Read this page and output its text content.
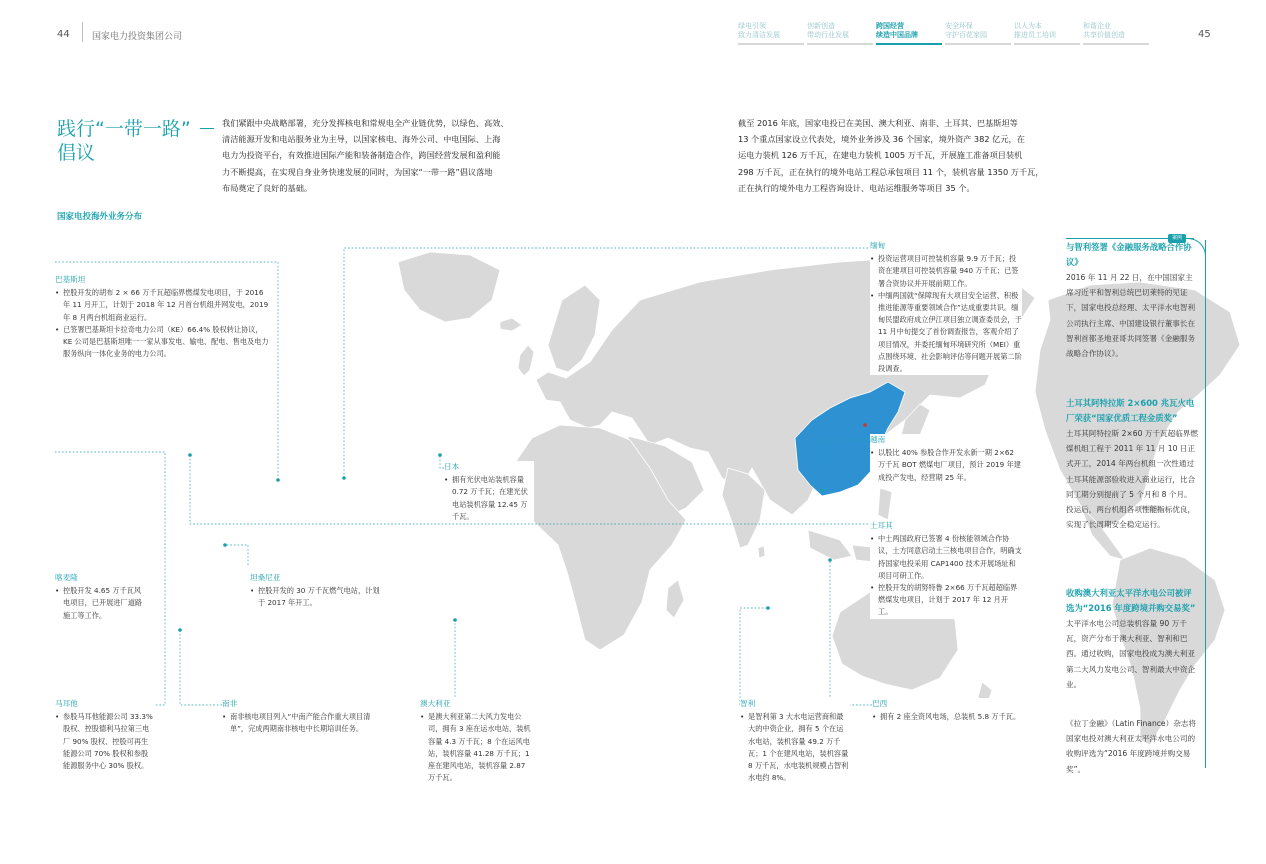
44 国家电力投资集团公司	45
绿电引领
致力清洁发展
创新创造
带动行业发展
跨国经营
续造中国品牌
安全环保
守护百花家园
以人为本
推进员工培训
和谐企业
共享价值创造
践行“一带一路”
倡议
我们紧跟中央战略部署，充分发挥核电和常规电全产业链优势，以绿色、高效、
清洁能源开发和电站服务业为主导，以国家核电、海外公司、中电国际、上海
电力为投资平台，有效推进国际产能和装备制造合作，跨国经营发展和盈利能
力不断提高，在实现自身业务快速发展的同时，为国家“一带一路”倡议落地
布局奠定了良好的基础。
截至 2016 年底，国家电投已在美国、澳大利亚、南非、土耳其、巴基斯坦等
13 个重点国家设立代表处，境外业务涉及 36 个国家，境外资产 382 亿元，在
运电力装机 126 万千瓦，在建电力装机 1005 万千瓦，开展施工准备项目装机
298 万千瓦，正在执行的境外电站工程总承包项目 11 个，装机容量 1350 万千瓦，
正在执行的境外电力工程咨询设计、电站运维服务等项目 35 个。
国家电投海外业务分布
巴基斯坦
• 控股开发的胡布 2 × 66 万千瓦超临界燃煤发电项目，于 2016 年 11 月开工，计划于 2018 年 12 月首台机组并网发电，2019 年 8 月两台机组商业运行。
• 已签署巴基斯坦卡拉奇电力公司（KE）66.4% 股权转让协议，KE 公司是巴基斯坦唯一一家从事发电、输电、配电、售电及电力服务纵向一体化业务的电力公司。
缅甸
• 投资运营项目可控装机容量 9.9 万千瓦；投资在建项目可控装机容量 940 万千瓦；已签署合资协议并开展前期工作。
• 中缅两国就“保障现有大项目安全运营、积极推进能源等重要领域合作”达成重要共识。缅甸民盟政府成立伊江项目独立调查委员会，于 11 月中旬提交了首份调查报告，客观介绍了项目情况，并委托缅甸环境研究所（MEI）重点围绕环境、社会影响评估等问题开展第二阶段调查。
越南
• 以股比 40% 参股合作开发永新一期 2×62 万千瓦 BOT 燃煤电厂项目，预计 2019 年建成投产发电，经营期 25 年。
日本
• 拥有光伏电站装机容量 0.72 万千瓦；在建光伏电站装机容量 12.45 万千瓦。
土耳其
• 中土两国政府已签署 4 份核能领域合作协议，土方同意启动土三核电项目合作，明确支持国家电投采用 CAP1400 技术开展场址和项目可研工作。
• 控股开发的胡努特鲁 2×66 万千瓦超超临界燃煤发电项目，计划于 2017 年 12 月开工。
喀麦隆
• 控股开发 4.65 万千瓦风电项目，已开展进厂道路施工等工作。
坦桑尼亚
• 控股开发的 30 万千瓦燃气电站，计划于 2017 年开工。
马耳他
• 参股马耳他能源公司 33.3% 股权、控股德利马拉第三电厂 90% 股权、控股可再生能源公司 70% 股权和参股能源服务中心 30% 股权。
南非
• 南非核电项目列入“中南产能合作重大项目清单”，完成两期南非核电中长期培训任务。
澳大利亚
• 是澳大利亚第二大风力发电公司，拥有 3 座在运水电站，装机容量 4.3 万千瓦；8 个在运风电站，装机容量 41.28 万千瓦；1 座在建风电站，装机容量 2.87 万千瓦。
智利
• 是智利第 3 大水电运营商和最大的中资企业，拥有 5 个在运水电站，装机容量 49.2 万千瓦；1 个在建风电站，装机容量 8 万千瓦，水电装机规模占智利水电约 8%。
巴西
• 拥有 2 座全资风电场，总装机 5.8 万千瓦。
案例
与智利签署《金融服务战略合作协议》
2016 年 11 月 22 日，在中国国家主席习近平和智利总统巴切莱特的见证下，国家电投总经理、太平洋水电智利公司执行主席、中国建设银行董事长在智利首都圣地亚哥共同签署《金融服务战略合作协议》。
土耳其阿特拉斯 2×600 兆瓦火电厂荣获“国家优质工程金质奖”
土耳其阿特拉斯 2×60 万千瓦超临界燃煤机组工程于 2011 年 11 月 10 日正式开工，2014 年两台机组一次性通过土耳其能源部验收进入商业运行，比合同工期分别提前了 5 个月和 8 个月。投运后，两台机组各项性能指标优良，实现了长周期安全稳定运行。
收购澳大利亚太平洋水电公司被评选为“2016 年度跨境并购交易奖”
太平洋水电公司总装机容量 90 万千瓦，资产分布于澳大利亚、智利和巴西。通过收购，国家电投成为澳大利亚第二大风力发电公司、智利最大中资企业。
《拉丁金融》（Latin Finance）杂志将国家电投对澳大利亚太平洋水电公司的收购评选为“2016 年度跨境并购交易奖”。
